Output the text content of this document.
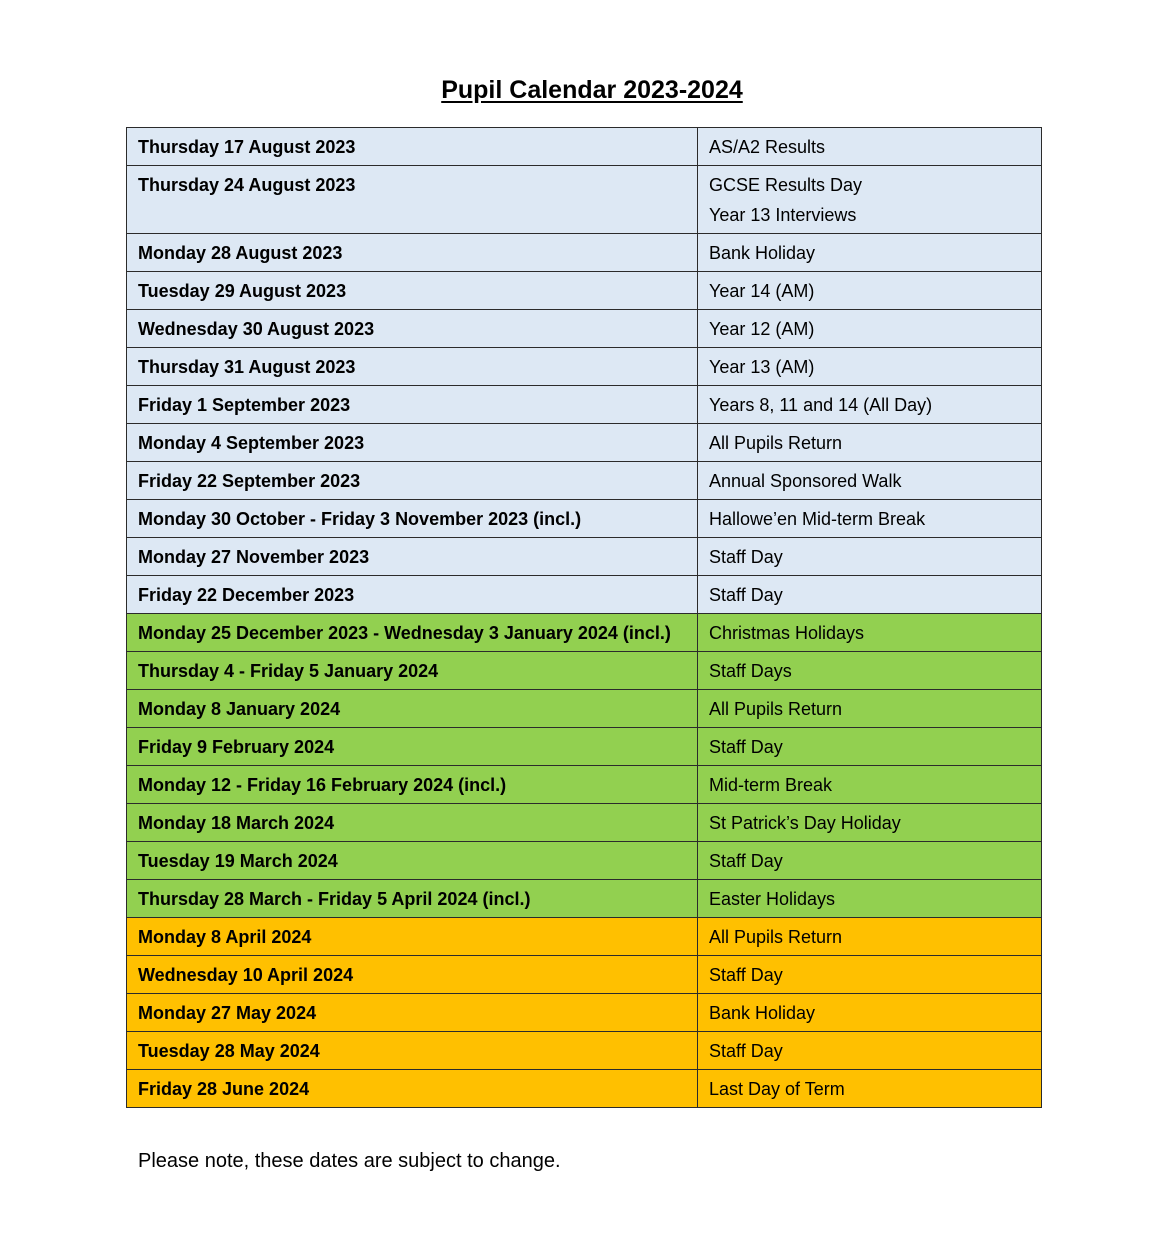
Pupil Calendar 2023-2024
Thursday 17 August 2023	AS/A2 Results

Thursday 24 August 2023	GCSE Results Day
Year 13 Interviews

Monday 28 August 2023	Bank Holiday

Tuesday 29 August 2023	Year 14 (AM)

Wednesday 30 August 2023	Year 12 (AM)

Thursday 31 August 2023	Year 13 (AM)

Friday 1 September 2023	Years 8, 11 and 14 (All Day)

Monday 4 September 2023	All Pupils Return

Friday 22 September 2023	Annual Sponsored Walk

Monday 30 October - Friday 3 November 2023 (incl.)	Hallowe’en Mid-term Break

Monday 27 November 2023	Staff Day

Friday 22 December 2023	Staff Day

Monday 25 December 2023 - Wednesday 3 January 2024 (incl.)	Christmas Holidays

Thursday 4 - Friday 5 January 2024	Staff Days

Monday 8 January 2024	All Pupils Return

Friday 9 February 2024	Staff Day

Monday 12 - Friday 16 February 2024 (incl.)	Mid-term Break

Monday 18 March 2024	St Patrick’s Day Holiday

Tuesday 19 March 2024	Staff Day

Thursday 28 March - Friday 5 April 2024 (incl.)	Easter Holidays

Monday 8 April 2024	All Pupils Return

Wednesday 10 April 2024	Staff Day

Monday 27 May 2024	Bank Holiday

Tuesday 28 May 2024	Staff Day

Friday 28 June 2024	Last Day of Term
Please note, these dates are subject to change.
